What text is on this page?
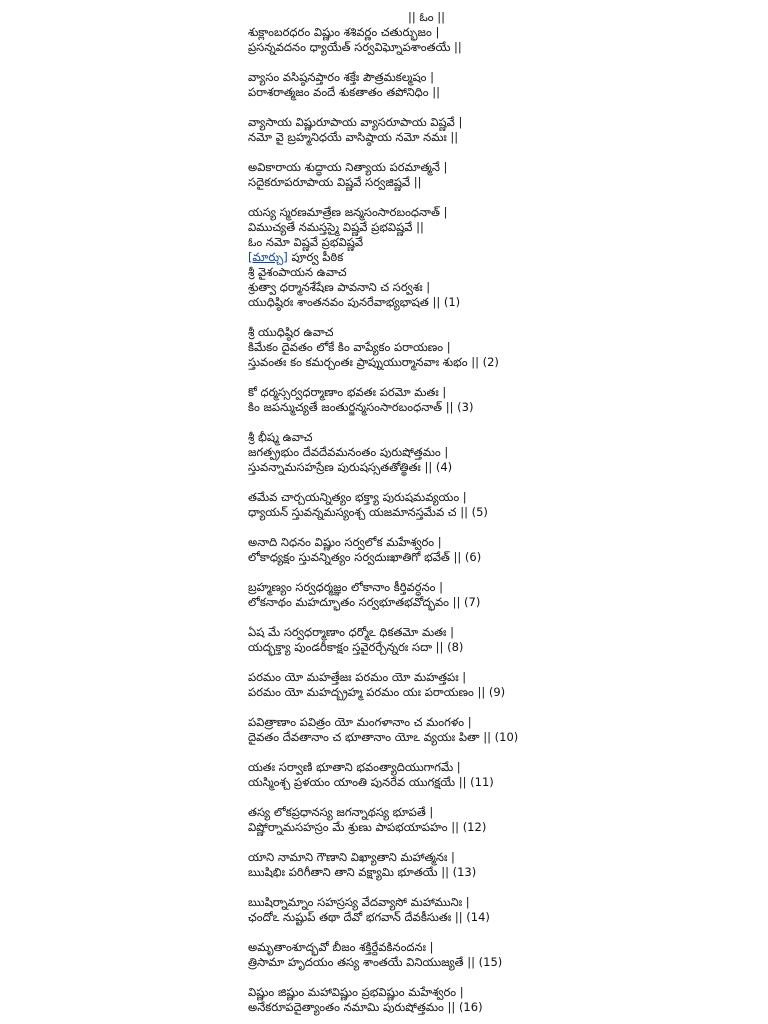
|| ఓం ||
శుక్లాంబరధరం విష్ణుం శశివర్ణం చతుర్భుజం |
ప్రసన్నవదనం ధ్యాయేత్ సర్వవిఘ్నోపశాంతయే ||
వ్యాసం వసిష్ఠనప్తారం శక్తేః పౌత్రమకల్మషం |
పరాశరాత్మజం వందే శుకతాతం తపోనిధిం ||
వ్యాసాయ విష్ణురూపాయ వ్యాసరూపాయ విష్ణవే |
నమో వై బ్రహ్మనిధయే వాసిష్ఠాయ నమో నమః ||
అవికారాయ శుద్ధాయ నిత్యాయ పరమాత్మనే |
సదైకరూపరూపాయ విష్ణవే సర్వజిష్ణవే ||
యస్య స్మరణమాత్రేణ జన్మసంసారబంధనాత్ |
విముచ్యతే నమస్తస్మై విష్ణవే ప్రభవిష్ణవే ||
ఓం నమో విష్ణవే ప్రభవిష్ణవే
[మార్చు] పూర్వ పీఠిక
శ్రీ వైశంపాయన ఉవాచ
శ్రుత్వా ధర్మానశేషేణ పావనాని చ సర్వశః |
యుధిష్ఠిరః శాంతనవం పునరేవాభ్యభాషత || (1)
శ్రీ యుధిష్ఠిర ఉవాచ
కిమేకం దైవతం లోకే కిం వాప్యేకం పరాయణం |
స్తువంతః కం కమర్చంతః ప్రాప్నుయుర్మానవాః శుభం || (2)
కో ధర్మస్సర్వధర్మాణాం భవతః పరమో మతః |
కిం జపన్ముచ్యతే జంతుర్జన్మసంసారబంధనాత్ || (3)
శ్రీ భీష్మ ఉవాచ
జగత్ప్రభుం దేవదేవమనంతం పురుషోత్తమం |
స్తువన్నామసహస్రేణ పురుషస్సతతోత్థితః || (4)
తమేవ చార్చయన్నిత్యం భక్త్యా పురుషమవ్యయం |
ధ్యాయన్ స్తువన్నమస్యంశ్చ యజమానస్తమేవ చ || (5)
అనాది నిధనం విష్ణుం సర్వలోక మహేశ్వరం |
లోకాధ్యక్షం స్తువన్నిత్యం సర్వదుఃఖాతిగో భవేత్ || (6)
బ్రహ్మణ్యం సర్వధర్మజ్ఞం లోకానాం కీర్తివర్ధనం |
లోకనాథం మహద్భూతం సర్వభూతభవోద్భవం || (7)
ఏష మే సర్వధర్మాణాం ధర్మోఽ ధికతమో మతః |
యద్భక్త్యా పుండరీకాక్షం స్తవైరర్చేన్నరః సదా || (8)
పరమం యో మహత్తేజః పరమం యో మహత్తపః |
పరమం యో మహద్బ్రహ్మ పరమం యః పరాయణం || (9)
పవిత్రాణాం పవిత్రం యో మంగళానాం చ మంగళం |
దైవతం దేవతానాం చ భూతానాం యోఽ వ్యయః పితా || (10)
యతః సర్వాణి భూతాని భవంత్యాదియుగాగమే |
యస్మింశ్చ ప్రళయం యాంతి పునరేవ యుగక్షయే || (11)
తస్య లోకప్రధానస్య జగన్నాథస్య భూపతే |
విష్ణోర్నామసహస్రం మే శ్రుణు పాపభయాపహం || (12)
యాని నామాని గౌణాని విఖ్యాతాని మహాత్మనః |
ఋషిభిః పరిగీతాని తాని వక్ష్యామి భూతయే || (13)
ఋషిర్నామ్నాం సహస్రస్య వేదవ్యాసో మహామునిః |
ఛందోఽ నుష్టుప్ తథా దేవో భగవాన్ దేవకీసుతః || (14)
అమృతాంశూద్భవో బీజం శక్తిర్దేవకినందనః |
త్రిసామా హృదయం తస్య శాంతయే వినియుజ్యతే || (15)
విష్ణుం జిష్ణుం మహావిష్ణుం ప్రభవిష్ణుం మహేశ్వరం |
అనేకరూపదైత్యాంతం నమామి పురుషోత్తమం || (16)
